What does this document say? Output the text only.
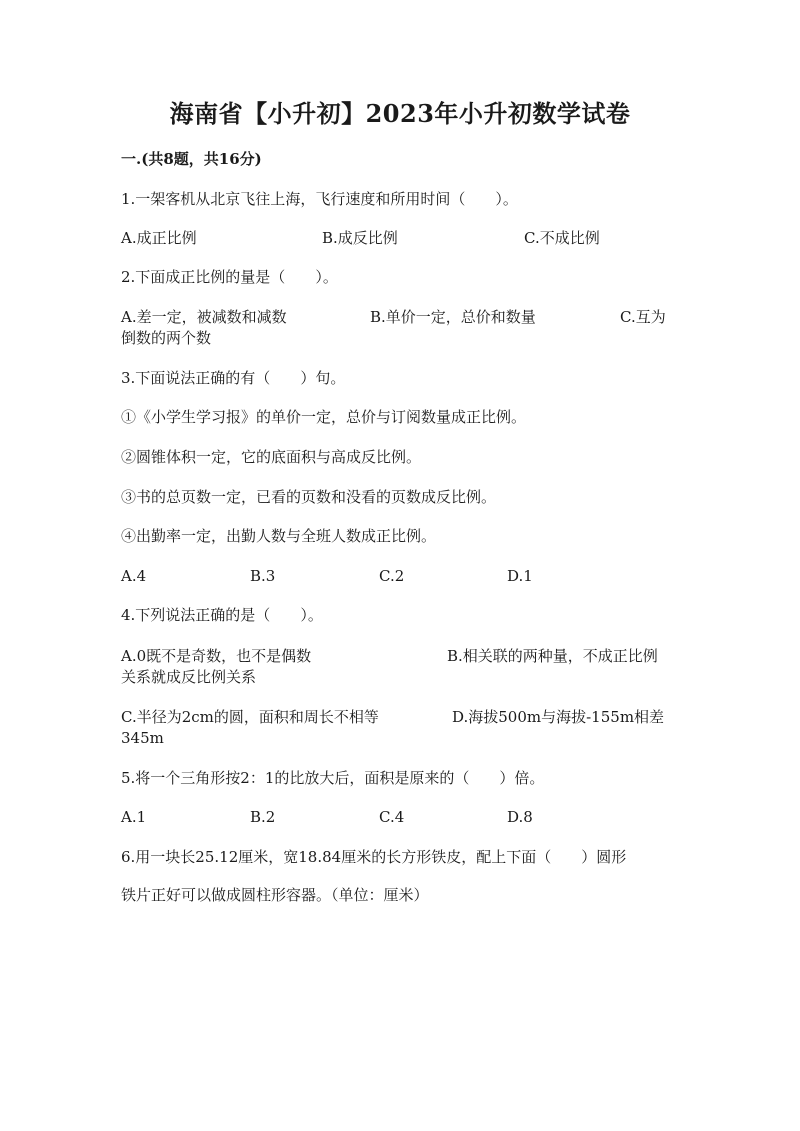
海南省【小升初】2023年小升初数学试卷
一.(共8题，共16分)
1.一架客机从北京飞往上海，飞行速度和所用时间（　　）。
A.成正比例	B.成反比例	C.不成比例
2.下面成正比例的量是（　　）。
A.差一定，被减数和减数	B.单价一定，总价和数量	C.互为
倒数的两个数
3.下面说法正确的有（　　）句。
①《小学生学习报》的单价一定，总价与订阅数量成正比例。
②圆锥体积一定，它的底面积与高成反比例。
③书的总页数一定，已看的页数和没看的页数成反比例。
④出勤率一定，出勤人数与全班人数成正比例。
A.4	B.3	C.2	D.1
4.下列说法正确的是（　　）。
A.0既不是奇数，也不是偶数	B.相关联的两种量，不成正比例
关系就成反比例关系
C.半径为2cm的圆，面积和周长不相等	D.海拔500m与海拔-155m相差
345m
5.将一个三角形按2：1的比放大后，面积是原来的（　　）倍。
A.1	B.2	C.4	D.8
6.用一块长25.12厘米，宽18.84厘米的长方形铁皮，配上下面（　　）圆形
铁片正好可以做成圆柱形容器。（单位：厘米）
